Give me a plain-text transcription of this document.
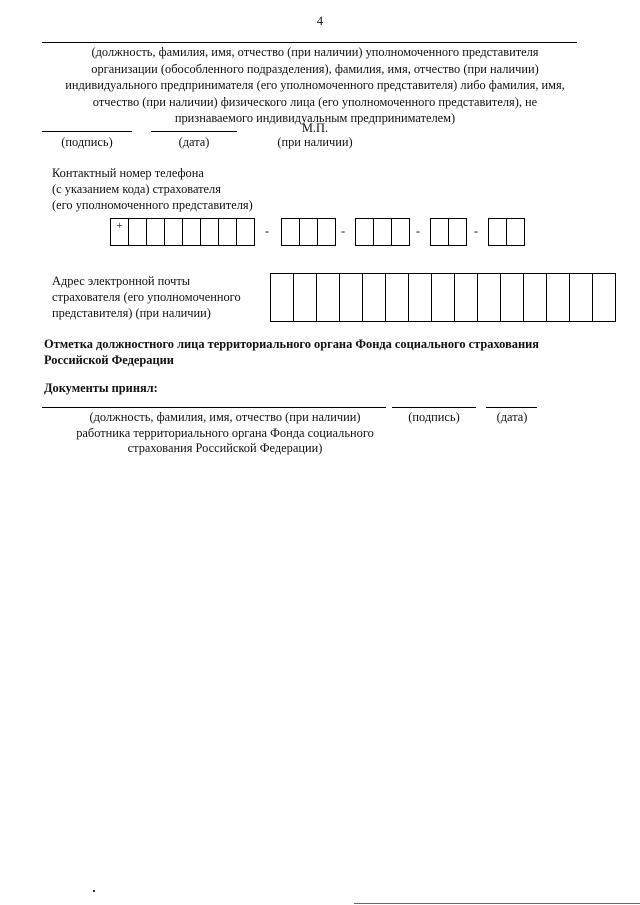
4
(должность, фамилия, имя, отчество (при наличии) уполномоченного представителя
организации (обособленного подразделения), фамилия, имя, отчество (при наличии)
индивидуального предпринимателя (его уполномоченного представителя) либо фамилия, имя,
отчество (при наличии) физического лица (его уполномоченного представителя), не
признаваемого индивидуальным предпринимателем)
М.П.
(подпись)	(дата)	(при наличии)
Контактный номер телефона
(с указанием кода) страхователя
(его уполномоченного представителя)
+	-	-	-	-
Адрес электронной почты
страхователя (его уполномоченного
представителя) (при наличии)
Отметка должностного лица территориального органа Фонда социального страхования
Российской Федерации
Документы принял:
(должность, фамилия, имя, отчество (при наличии)
работника территориального органа Фонда социального
страхования Российской Федерации)
(подпись)	(дата)
